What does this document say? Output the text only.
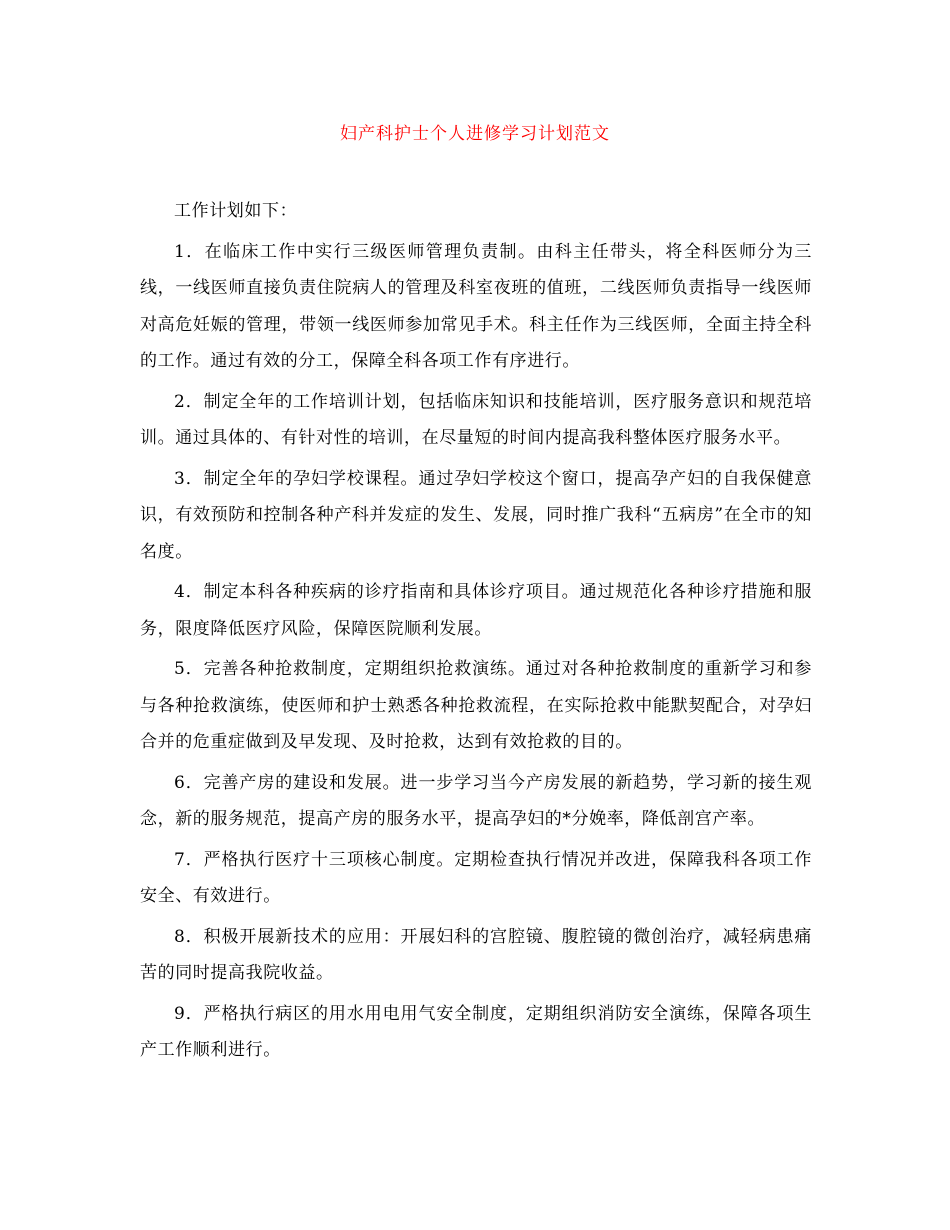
妇产科护士个人进修学习计划范文

工作计划如下：

1．在临床工作中实行三级医师管理负责制。由科主任带头，将全科医师分为三线，一线医师直接负责住院病人的管理及科室夜班的值班，二线医师负责指导一线医师对高危妊娠的管理，带领一线医师参加常见手术。科主任作为三线医师，全面主持全科的工作。通过有效的分工，保障全科各项工作有序进行。

2．制定全年的工作培训计划，包括临床知识和技能培训，医疗服务意识和规范培训。通过具体的、有针对性的培训，在尽量短的时间内提高我科整体医疗服务水平。

3．制定全年的孕妇学校课程。通过孕妇学校这个窗口，提高孕产妇的自我保健意识，有效预防和控制各种产科并发症的发生、发展，同时推广我科“五病房”在全市的知名度。

4．制定本科各种疾病的诊疗指南和具体诊疗项目。通过规范化各种诊疗措施和服务，限度降低医疗风险，保障医院顺利发展。

5．完善各种抢救制度，定期组织抢救演练。通过对各种抢救制度的重新学习和参与各种抢救演练，使医师和护士熟悉各种抢救流程，在实际抢救中能默契配合，对孕妇合并的危重症做到及早发现、及时抢救，达到有效抢救的目的。

6．完善产房的建设和发展。进一步学习当今产房发展的新趋势，学习新的接生观念，新的服务规范，提高产房的服务水平，提高孕妇的*分娩率，降低剖宫产率。

7．严格执行医疗十三项核心制度。定期检查执行情况并改进，保障我科各项工作安全、有效进行。

8．积极开展新技术的应用：开展妇科的宫腔镜、腹腔镜的微创治疗，减轻病患痛苦的同时提高我院收益。

9．严格执行病区的用水用电用气安全制度，定期组织消防安全演练，保障各项生产工作顺利进行。
